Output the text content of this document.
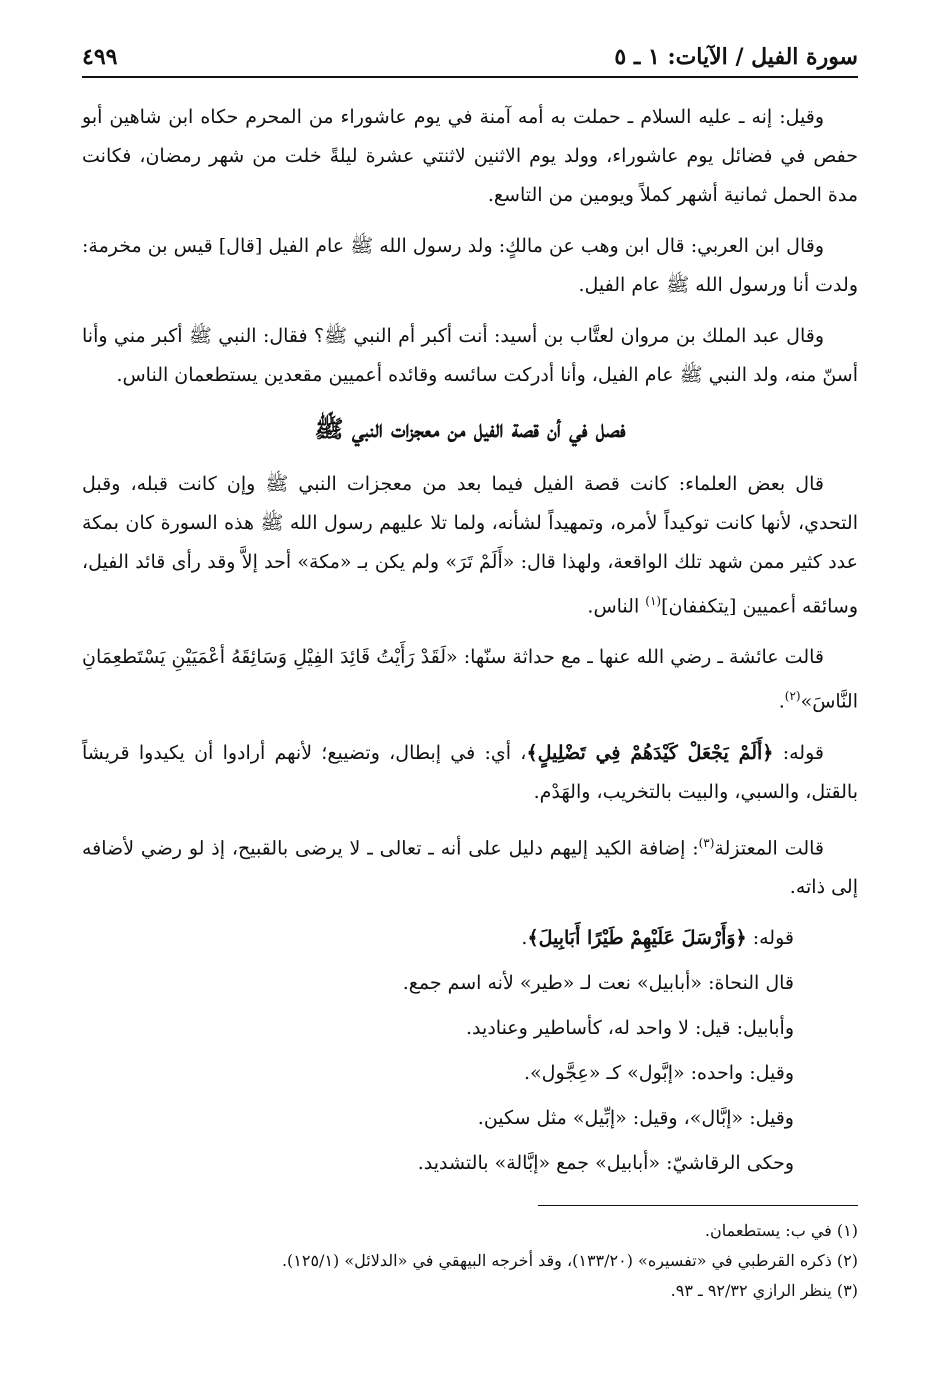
سورة الفيل / الآيات: ١ ـ ٥
٤٩٩

وقيل: إنه ـ عليه السلام ـ حملت به أمه آمنة في يوم عاشوراء من المحرم حكاه ابن شاهين أبو حفص في فضائل يوم عاشوراء، وولد يوم الاثنين لاثنتي عشرة ليلةً خلت من شهر رمضان، فكانت مدة الحمل ثمانية أشهر كملاً ويومين من التاسع.

وقال ابن العربي: قال ابن وهب عن مالكٍ: ولد رسول الله ﷺ عام الفيل [قال] قيس بن مخرمة: ولدت أنا ورسول الله ﷺ عام الفيل.

وقال عبد الملك بن مروان لعتَّاب بن أسيد: أنت أكبر أم النبي ﷺ؟ فقال: النبي ﷺ أكبر مني وأنا أسنّ منه، ولد النبي ﷺ عام الفيل، وأنا أدركت سائسه وقائده أعميين مقعدين يستطعمان الناس.

فصل في أن قصة الفيل من معجزات النبي ﷺ

قال بعض العلماء: كانت قصة الفيل فيما بعد من معجزات النبي ﷺ وإن كانت قبله، وقبل التحدي، لأنها كانت توكيداً لأمره، وتمهيداً لشأنه، ولما تلا عليهم رسول الله ﷺ هذه السورة كان بمكة عدد كثير ممن شهد تلك الواقعة، ولهذا قال: «أَلَمْ تَرَ» ولم يكن بـ «مكة» أحد إلاَّ وقد رأى قائد الفيل، وسائقه أعميين [يتكففان]$^{(١)}$ الناس.

قالت عائشة ـ رضي الله عنها ـ مع حداثة سنّها: «لَقَدْ رَأَيْتُ قَائِدَ الفِيْلِ وَسَائِقَهُ أعْمَيَيْنِ يَسْتَطعِمَانِ النَّاسَ»$^{(٢)}$.

قوله: ﴿أَلَمْ يَجْعَلْ كَيْدَهُمْ فِي تَضْلِيلٍ﴾، أي: في إبطال، وتضييع؛ لأنهم أرادوا أن يكيدوا قريشاً بالقتل، والسبي، والبيت بالتخريب، والهَدْم.

قالت المعتزلة$^{(٣)}$: إضافة الكيد إليهم دليل على أنه ـ تعالى ـ لا يرضى بالقبيح، إذ لو رضي لأضافه إلى ذاته.

قوله: ﴿وَأَرْسَلَ عَلَيْهِمْ طَيْرًا أَبَابِيلَ﴾.

قال النحاة: «أبابيل» نعت لـ «طير» لأنه اسم جمع.

وأبابيل: قيل: لا واحد له، كأساطير وعناديد.

وقيل: واحده: «إبَّول» كـ «عِجَّول».

وقيل: «إبَّال»، وقيل: «إبِّيل» مثل سكين.

وحكى الرقاشيّ: «أبابيل» جمع «إبَّالة» بالتشديد.

(١) في ب: يستطعمان.

(٢) ذكره القرطبي في «تفسيره» (١٣٣/٢٠)، وقد أخرجه البيهقي في «الدلائل» (١٢٥/١).

(٣) ينظر الرازي ٩٢/٣٢ ـ ٩٣.
